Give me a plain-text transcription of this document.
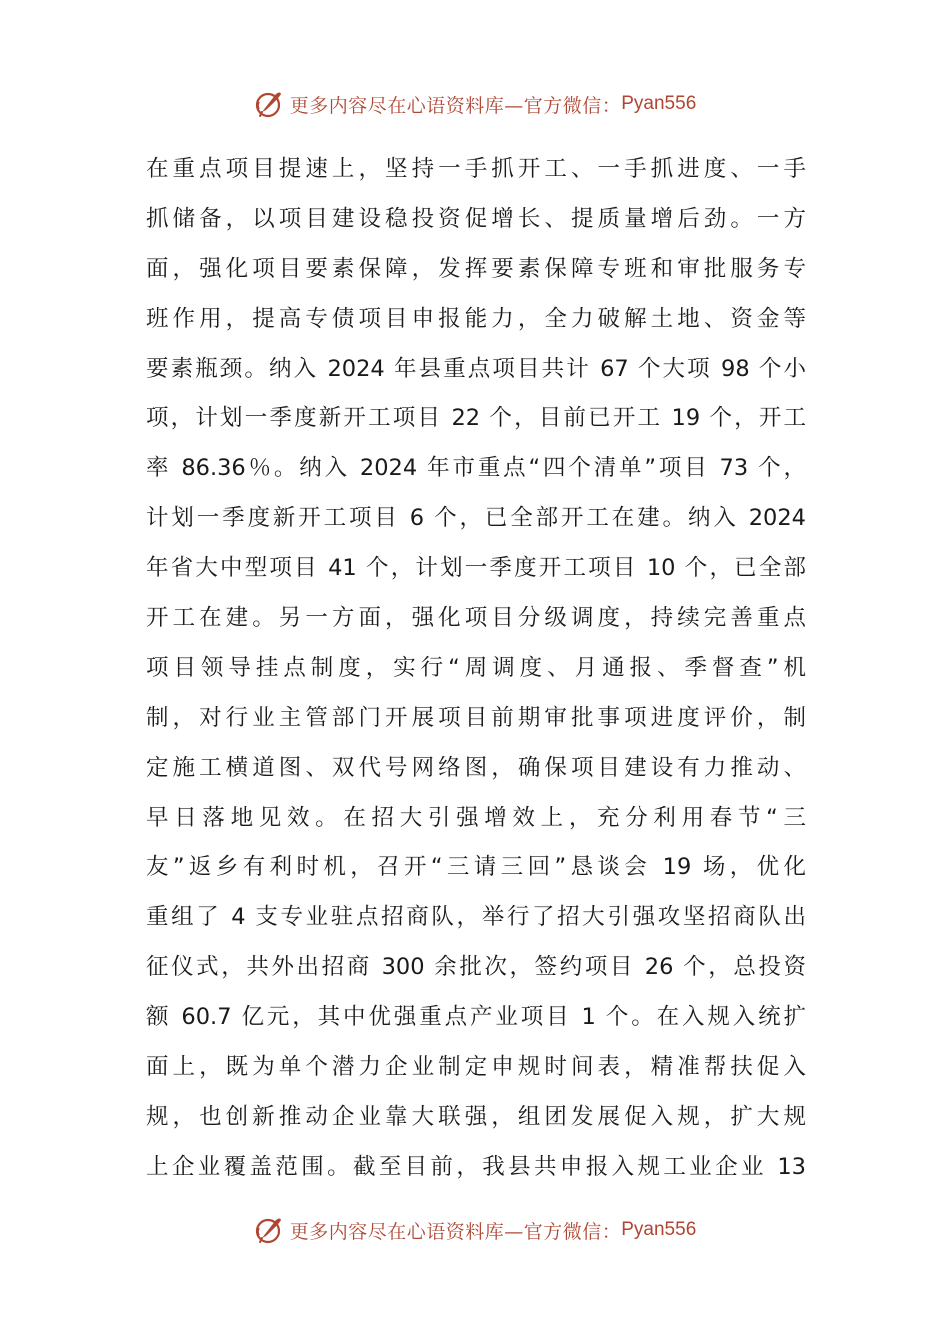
更多内容尽在心语资料库—官方微信： Pyan556
在重点项目提速上，坚持一手抓开工、一手抓进度、一手
抓储备，以项目建设稳投资促增长、提质量增后劲。一方
面，强化项目要素保障，发挥要素保障专班和审批服务专
班作用，提高专债项目申报能力，全力破解土地、资金等
要素瓶颈。纳入 2024 年县重点项目共计 67 个大项 98 个小
项，计划一季度新开工项目 22 个，目前已开工 19 个，开工
率 86.36％。纳入 2024 年市重点“四个清单”项目 73 个，
计划一季度新开工项目 6 个，已全部开工在建。纳入 2024
年省大中型项目 41 个，计划一季度开工项目 10 个，已全部
开工在建。另一方面，强化项目分级调度，持续完善重点
项目领导挂点制度，实行“周调度、月通报、季督查”机
制，对行业主管部门开展项目前期审批事项进度评价，制
定施工横道图、双代号网络图，确保项目建设有力推动、
早日落地见效。在招大引强增效上，充分利用春节“三
友”返乡有利时机，召开“三请三回”恳谈会 19 场，优化
重组了 4 支专业驻点招商队，举行了招大引强攻坚招商队出
征仪式，共外出招商 300 余批次，签约项目 26 个，总投资
额 60.7 亿元，其中优强重点产业项目 1 个。在入规入统扩
面上，既为单个潜力企业制定申规时间表，精准帮扶促入
规，也创新推动企业靠大联强，组团发展促入规，扩大规
上企业覆盖范围。截至目前，我县共申报入规工业企业 13
更多内容尽在心语资料库—官方微信： Pyan556
